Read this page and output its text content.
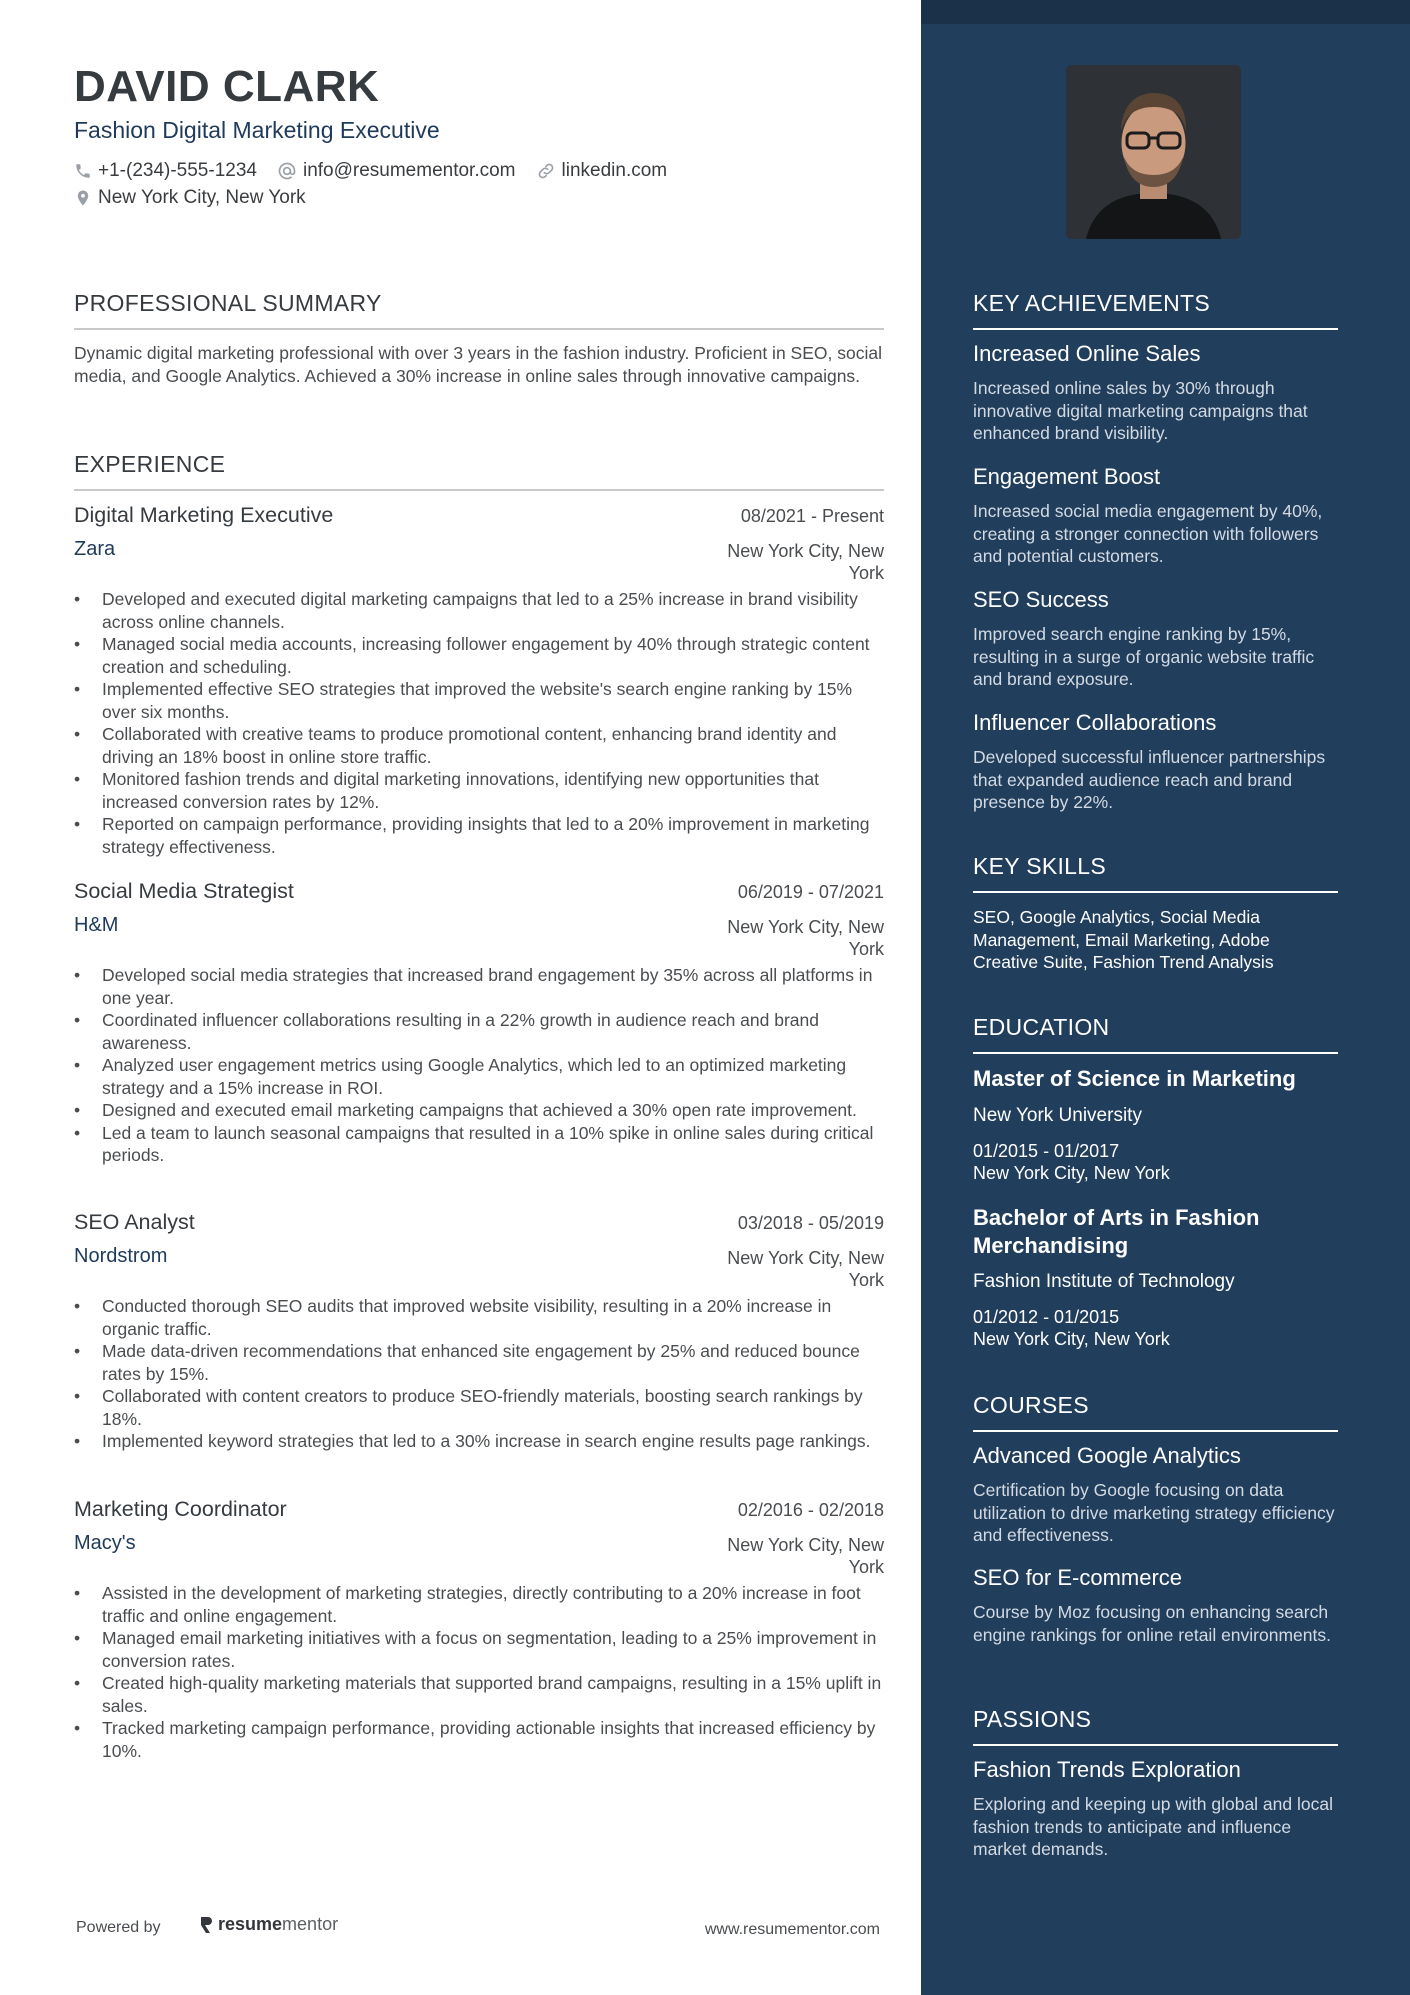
DAVID CLARK
Fashion Digital Marketing Executive
+1-(234)-555-1234 info@resumementor.com linkedin.com
New York City, New York
PROFESSIONAL SUMMARY
Dynamic digital marketing professional with over 3 years in the fashion industry. Proficient in SEO, social media, and Google Analytics. Achieved a 30% increase in online sales through innovative campaigns.
EXPERIENCE
Digital Marketing Executive	08/2021 - Present
Zara	New York City, New York
• Developed and executed digital marketing campaigns that led to a 25% increase in brand visibility across online channels.
• Managed social media accounts, increasing follower engagement by 40% through strategic content creation and scheduling.
• Implemented effective SEO strategies that improved the website's search engine ranking by 15% over six months.
• Collaborated with creative teams to produce promotional content, enhancing brand identity and driving an 18% boost in online store traffic.
• Monitored fashion trends and digital marketing innovations, identifying new opportunities that increased conversion rates by 12%.
• Reported on campaign performance, providing insights that led to a 20% improvement in marketing strategy effectiveness.
Social Media Strategist	06/2019 - 07/2021
H&M	New York City, New York
• Developed social media strategies that increased brand engagement by 35% across all platforms in one year.
• Coordinated influencer collaborations resulting in a 22% growth in audience reach and brand awareness.
• Analyzed user engagement metrics using Google Analytics, which led to an optimized marketing strategy and a 15% increase in ROI.
• Designed and executed email marketing campaigns that achieved a 30% open rate improvement.
• Led a team to launch seasonal campaigns that resulted in a 10% spike in online sales during critical periods.
SEO Analyst	03/2018 - 05/2019
Nordstrom	New York City, New York
• Conducted thorough SEO audits that improved website visibility, resulting in a 20% increase in organic traffic.
• Made data-driven recommendations that enhanced site engagement by 25% and reduced bounce rates by 15%.
• Collaborated with content creators to produce SEO-friendly materials, boosting search rankings by 18%.
• Implemented keyword strategies that led to a 30% increase in search engine results page rankings.
Marketing Coordinator	02/2016 - 02/2018
Macy's	New York City, New York
• Assisted in the development of marketing strategies, directly contributing to a 20% increase in foot traffic and online engagement.
• Managed email marketing initiatives with a focus on segmentation, leading to a 25% improvement in conversion rates.
• Created high-quality marketing materials that supported brand campaigns, resulting in a 15% uplift in sales.
• Tracked marketing campaign performance, providing actionable insights that increased efficiency by 10%.
Powered by	resume mentor	www.resumementor.com
KEY ACHIEVEMENTS
Increased Online Sales
Increased online sales by 30% through innovative digital marketing campaigns that enhanced brand visibility.
Engagement Boost
Increased social media engagement by 40%, creating a stronger connection with followers and potential customers.
SEO Success
Improved search engine ranking by 15%, resulting in a surge of organic website traffic and brand exposure.
Influencer Collaborations
Developed successful influencer partnerships that expanded audience reach and brand presence by 22%.
KEY SKILLS
SEO, Google Analytics, Social Media Management, Email Marketing, Adobe Creative Suite, Fashion Trend Analysis
EDUCATION
Master of Science in Marketing
New York University
01/2015 - 01/2017
New York City, New York
Bachelor of Arts in Fashion Merchandising
Fashion Institute of Technology
01/2012 - 01/2015
New York City, New York
COURSES
Advanced Google Analytics
Certification by Google focusing on data utilization to drive marketing strategy efficiency and effectiveness.
SEO for E-commerce
Course by Moz focusing on enhancing search engine rankings for online retail environments.
PASSIONS
Fashion Trends Exploration
Exploring and keeping up with global and local fashion trends to anticipate and influence market demands.
